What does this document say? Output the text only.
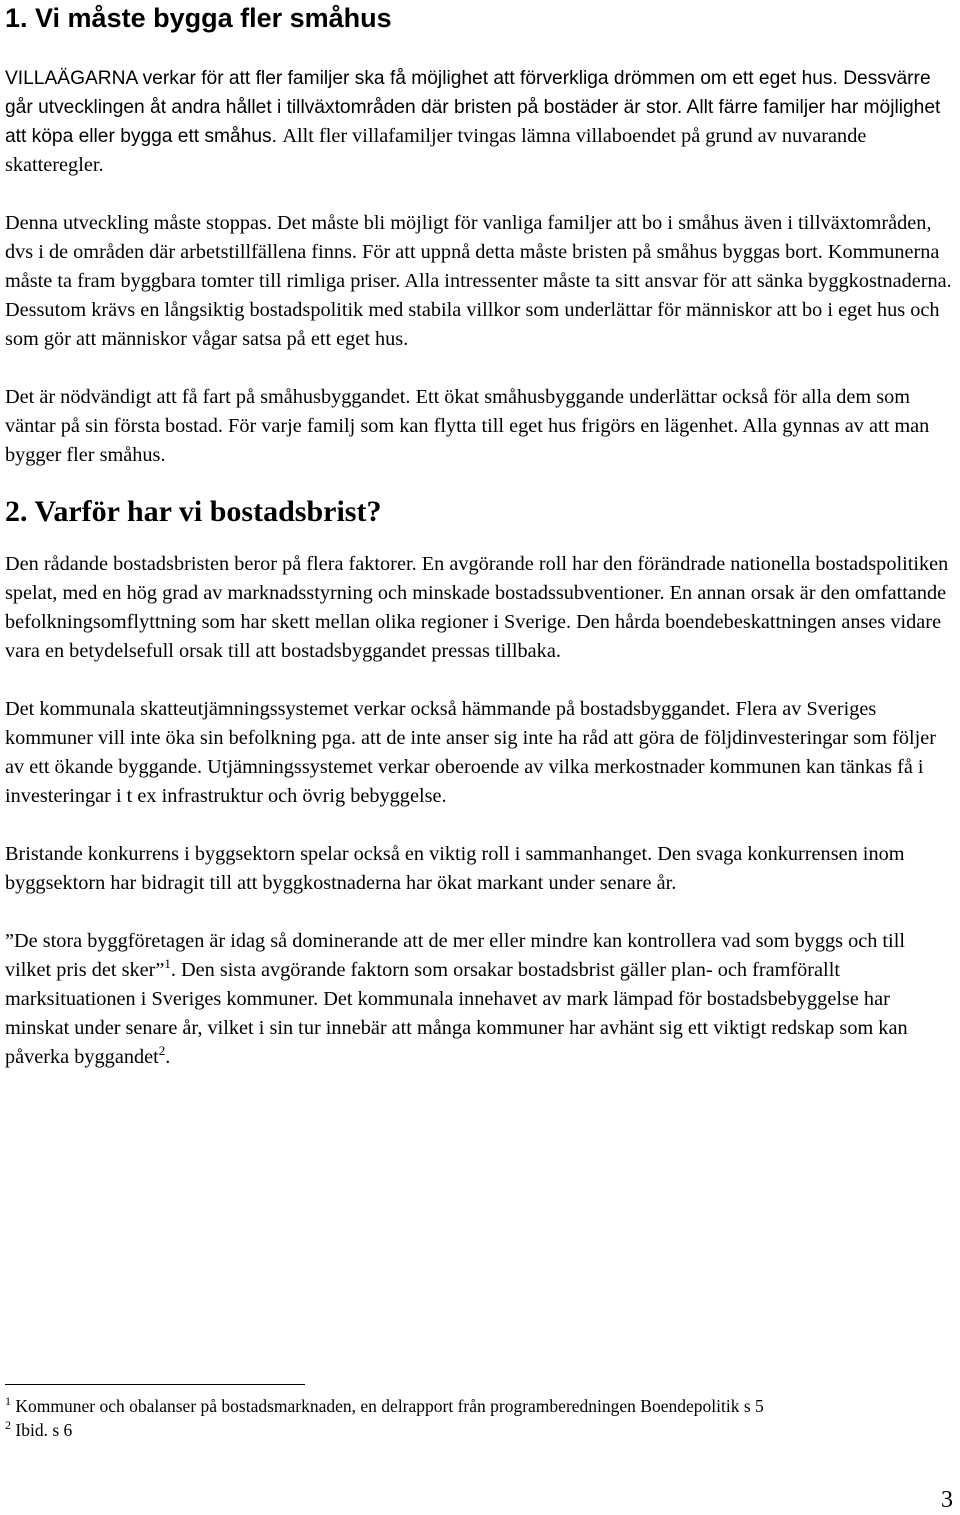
1. Vi måste bygga fler småhus

VILLAÄGARNA verkar för att fler familjer ska få möjlighet att förverkliga drömmen om ett eget hus. Dessvärre går utvecklingen åt andra hållet i tillväxtområden där bristen på bostäder är stor. Allt färre familjer har möjlighet att köpa eller bygga ett småhus. Allt fler villafamiljer tvingas lämna villaboendet på grund av nuvarande skatteregler.

Denna utveckling måste stoppas. Det måste bli möjligt för vanliga familjer att bo i småhus även i tillväxtområden, dvs i de områden där arbetstillfällena finns. För att uppnå detta måste bristen på småhus byggas bort. Kommunerna måste ta fram byggbara tomter till rimliga priser. Alla intressenter måste ta sitt ansvar för att sänka byggkostnaderna. Dessutom krävs en långsiktig bostadspolitik med stabila villkor som underlättar för människor att bo i eget hus och som gör att människor vågar satsa på ett eget hus.

Det är nödvändigt att få fart på småhusbyggandet. Ett ökat småhusbyggande underlättar också för alla dem som väntar på sin första bostad. För varje familj som kan flytta till eget hus frigörs en lägenhet. Alla gynnas av att man bygger fler småhus.

2. Varför har vi bostadsbrist?

Den rådande bostadsbristen beror på flera faktorer. En avgörande roll har den förändrade nationella bostadspolitiken spelat, med en hög grad av marknadsstyrning och minskade bostadssubventioner. En annan orsak är den omfattande befolkningsomflyttning som har skett mellan olika regioner i Sverige. Den hårda boendebeskattningen anses vidare vara en betydelsefull orsak till att bostadsbyggandet pressas tillbaka.

Det kommunala skatteutjämningssystemet verkar också hämmande på bostadsbyggandet. Flera av Sveriges kommuner vill inte öka sin befolkning pga. att de inte anser sig inte ha råd att göra de följdinvesteringar som följer av ett ökande byggande. Utjämningssystemet verkar oberoende av vilka merkostnader kommunen kan tänkas få i investeringar i t ex infrastruktur och övrig bebyggelse.

Bristande konkurrens i byggsektorn spelar också en viktig roll i sammanhanget. Den svaga konkurrensen inom byggsektorn har bidragit till att byggkostnaderna har ökat markant under senare år.

”De stora byggföretagen är idag så dominerande att de mer eller mindre kan kontrollera vad som byggs och till vilket pris det sker”$^1$. Den sista avgörande faktorn som orsakar bostadsbrist gäller plan- och framförallt marksituationen i Sveriges kommuner. Det kommunala innehavet av mark lämpad för bostadsbebyggelse har minskat under senare år, vilket i sin tur innebär att många kommuner har avhänt sig ett viktigt redskap som kan påverka byggandet$^2$.

$^1$ Kommuner och obalanser på bostadsmarknaden, en delrapport från programberedningen Boendepolitik s 5
$^2$ Ibid. s 6
3
